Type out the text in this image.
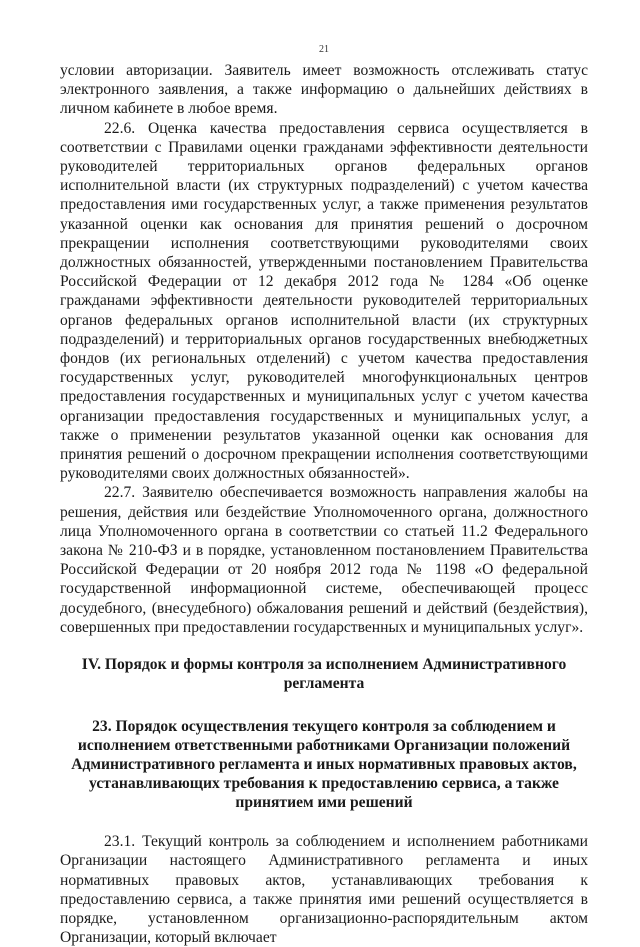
21

условии авторизации. Заявитель имеет возможность отслеживать статус электронного заявления, а также информацию о дальнейших действиях в личном кабинете в любое время.

22.6. Оценка качества предоставления сервиса осуществляется в соответствии с Правилами оценки гражданами эффективности деятельности руководителей территориальных органов федеральных органов исполнительной власти (их структурных подразделений) с учетом качества предоставления ими государственных услуг, а также применения результатов указанной оценки как основания для принятия решений о досрочном прекращении исполнения соответствующими руководителями своих должностных обязанностей, утвержденными постановлением Правительства Российской Федерации от 12 декабря 2012 года № 1284 «Об оценке гражданами эффективности деятельности руководителей территориальных органов федеральных органов исполнительной власти (их структурных подразделений) и территориальных органов государственных внебюджетных фондов (их региональных отделений) с учетом качества предоставления государственных услуг, руководителей многофункциональных центров предоставления государственных и муниципальных услуг с учетом качества организации предоставления государственных и муниципальных услуг, а также о применении результатов указанной оценки как основания для принятия решений о досрочном прекращении исполнения соответствующими руководителями своих должностных обязанностей».

22.7. Заявителю обеспечивается возможность направления жалобы на решения, действия или бездействие Уполномоченного органа, должностного лица Уполномоченного органа в соответствии со статьей 11.2 Федерального закона № 210-ФЗ и в порядке, установленном постановлением Правительства Российской Федерации от 20 ноября 2012 года № 1198 «О федеральной государственной информационной системе, обеспечивающей процесс досудебного, (внесудебного) обжалования решений и действий (бездействия), совершенных при предоставлении государственных и муниципальных услуг».

IV. Порядок и формы контроля за исполнением Административного регламента
23. Порядок осуществления текущего контроля за соблюдением и исполнением ответственными работниками Организации положений Административного регламента и иных нормативных правовых актов, устанавливающих требования к предоставлению сервиса, а также принятием ими решений

23.1. Текущий контроль за соблюдением и исполнением работниками Организации настоящего Административного регламента и иных нормативных правовых актов, устанавливающих требования к предоставлению сервиса, а также принятия ими решений осуществляется в порядке, установленном организационно-распорядительным актом Организации, который включает
